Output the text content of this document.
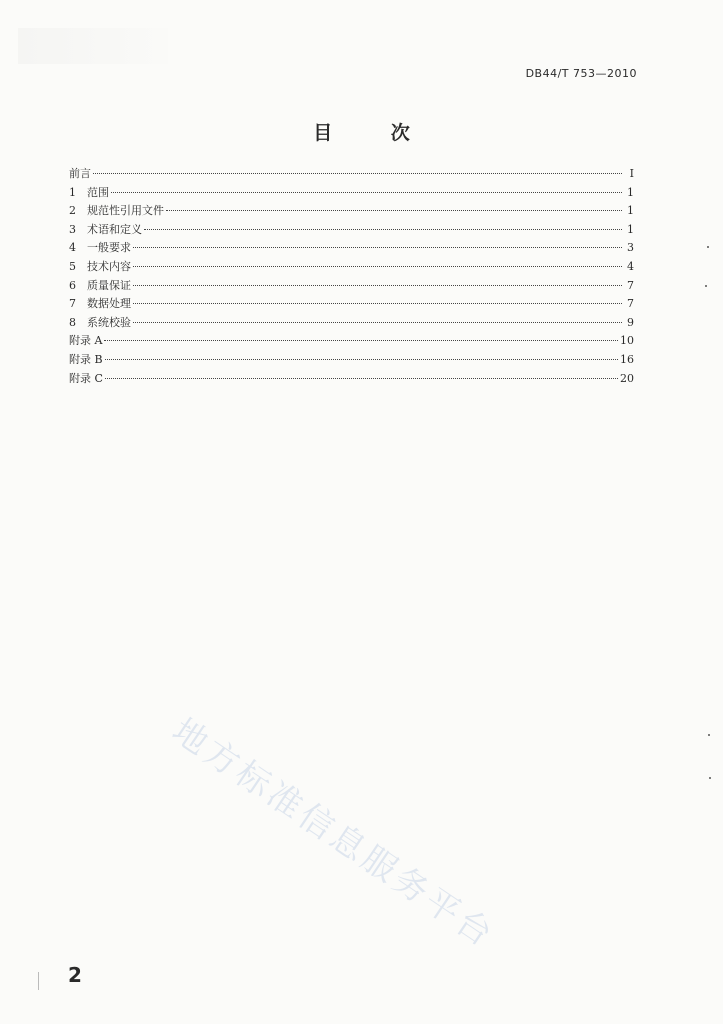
DB44/T 753—2010
目 次
前言	I
1	范围	1
2	规范性引用文件	1
3	术语和定义	1
4	一般要求	3
5	技术内容	4
6	质量保证	7
7	数据处理	7
8	系统校验	9
附录 A	10
附录 B	16
附录 C	20
地方标准信息服务平台
2
